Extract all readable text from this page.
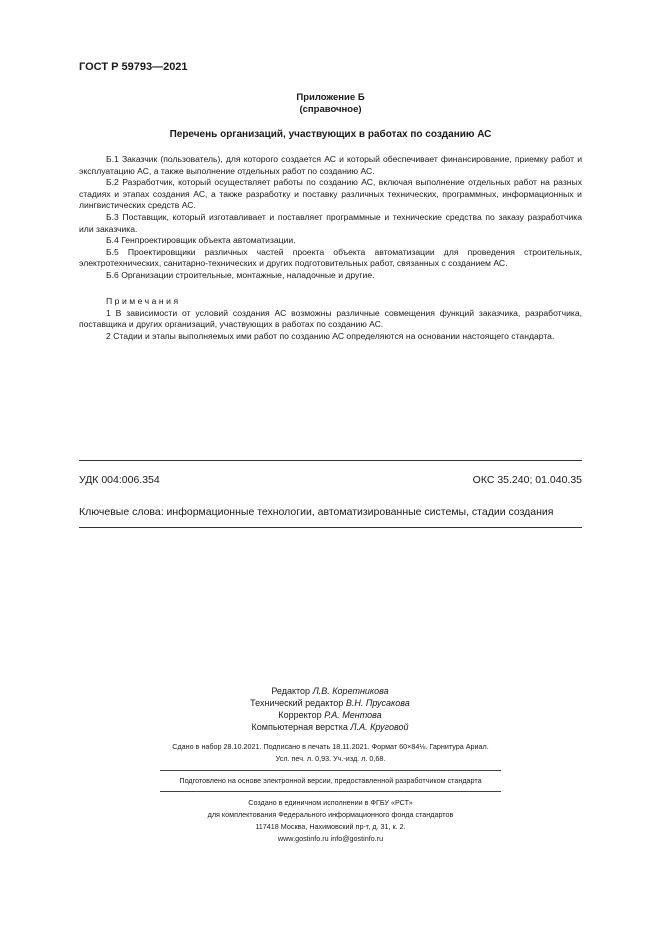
ГОСТ Р 59793—2021
Приложение Б
(справочное)
Перечень организаций, участвующих в работах по созданию АС

Б.1 Заказчик (пользователь), для которого создается АС и который обеспечивает финансирование, приемку работ и эксплуатацию АС, а также выполнение отдельных работ по созданию АС.

Б.2 Разработчик, который осуществляет работы по созданию АС, включая выполнение отдельных работ на разных стадиях и этапах создания АС, а также разработку и поставку различных технических, программных, информационных и лингвистических средств АС.

Б.3 Поставщик, который изготавливает и поставляет программные и технические средства по заказу разработчика или заказчика.

Б.4 Генпроектировщик объекта автоматизации.

Б.5 Проектировщики различных частей проекта объекта автоматизации для проведения строительных, электротехнических, санитарно-технических и других подготовительных работ, связанных с созданием АС.

Б.6 Организации строительные, монтажные, наладочные и другие.

Примечания

1 В зависимости от условий создания АС возможны различные совмещения функций заказчика, разработчика, поставщика и других организаций, участвующих в работах по созданию АС.

2 Стадии и этапы выполняемых ими работ по созданию АС определяются на основании настоящего стандарта.

УДК 004:006.354	ОКС 35.240; 01.040.35
Ключевые слова: информационные технологии, автоматизированные системы, стадии создания
Редактор Л.В. Коретникова
Технический редактор В.Н. Прусакова
Корректор Р.А. Ментова
Компьютерная верстка Л.А. Круговой
Сдано в набор 28.10.2021. Подписано в печать 18.11.2021. Формат 60×84⅛. Гарнитура Ариал.
Усл. печ. л. 0,93. Уч.-изд. л. 0,68.
Подготовлено на основе электронной версии, предоставленной разработчиком стандарта
Создано в единичном исполнении в ФГБУ «РСТ»
для комплектования Федерального информационного фонда стандартов
117418 Москва, Нахимовский пр-т, д. 31, к. 2.
www.gostinfo.ru info@gostinfo.ru
